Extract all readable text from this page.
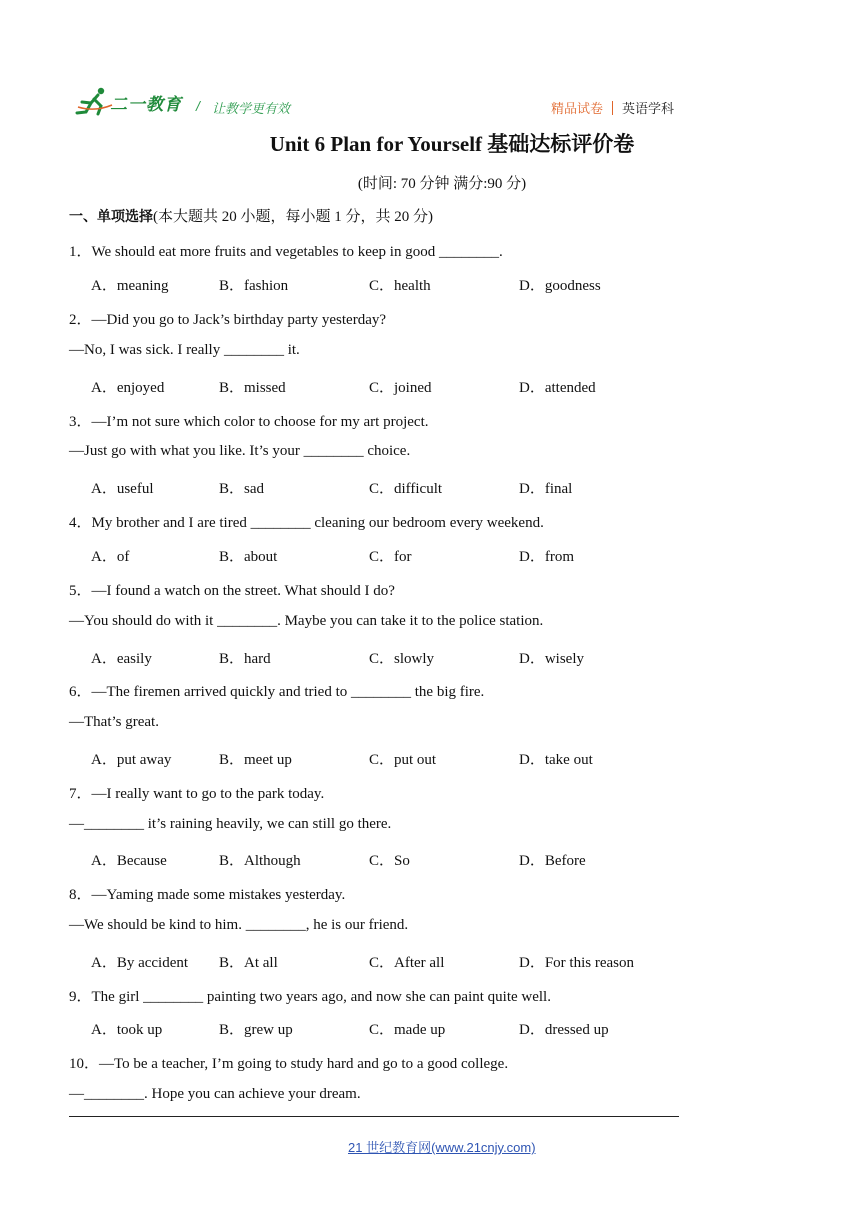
二一教育 / 让教学更有效	精品试卷 英语学科
Unit 6 Plan for Yourself 基础达标评价卷
(时间: 70 分钟 满分:90 分)
一、单项选择(本大题共 20 小题，每小题 1 分，共 20 分)
1．We should eat more fruits and vegetables to keep in good ________.
A．meaning	B．fashion	C．health	D．goodness
2．—Did you go to Jack’s birthday party yesterday?
—No, I was sick. I really ________ it.
A．enjoyed	B．missed	C．joined	D．attended
3．—I’m not sure which color to choose for my art project.
—Just go with what you like. It’s your ________ choice.
A．useful	B．sad	C．difficult	D．final
4．My brother and I are tired ________ cleaning our bedroom every weekend.
A．of	B．about	C．for	D．from
5．—I found a watch on the street. What should I do?
—You should do with it ________. Maybe you can take it to the police station.
A．easily	B．hard	C．slowly	D．wisely
6．—The firemen arrived quickly and tried to ________ the big fire.
—That’s great.
A．put away	B．meet up	C．put out	D．take out
7．—I really want to go to the park today.
—________ it’s raining heavily, we can still go there.
A．Because	B．Although	C．So	D．Before
8．—Yaming made some mistakes yesterday.
—We should be kind to him. ________, he is our friend.
A．By accident B．At all	C．After all	D．For this reason
9．The girl ________ painting two years ago, and now she can paint quite well.
A．took up	B．grew up	C．made up	D．dressed up
10．—To be a teacher, I’m going to study hard and go to a good college.
—________. Hope you can achieve your dream.
21 世纪教育网(www.21cnjy.com)
